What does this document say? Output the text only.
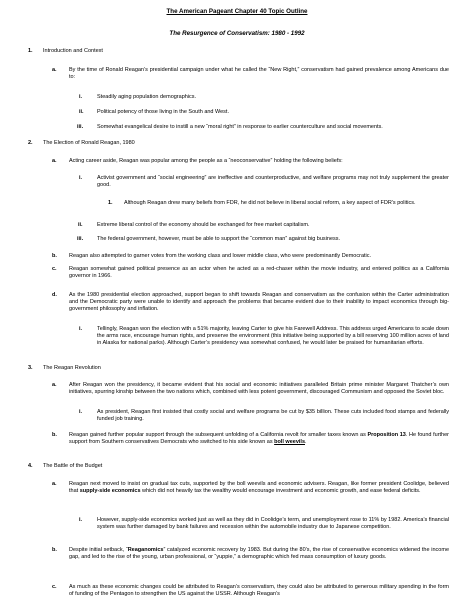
The American Pageant Chapter 40 Topic Outline
The Resurgence of Conservatism: 1980 - 1992
1. Introduction and Context
a. By the time of Ronald Reagan’s presidential campaign under what he called the “New Right,” conservatism had gained prevalence among Americans due to:
i.	Steadily aging population demographics.
ii. Political potency of those living in the South and West.
iii.	Somewhat evangelical desire to instill a new “moral right” in response to earlier counterculture and social movements.
2. The Election of Ronald Reagan, 1980
a. Acting career aside, Reagan was popular among the people as a “neoconservative” holding the following beliefs:
i.	Activist government and “social engineering” are ineffective and counterproductive, and welfare programs may not truly supplement the greater good.
1. Although Reagan drew many beliefs from FDR, he did not believe in liberal social reform, a key aspect of FDR’s politics.
ii.	Extreme liberal control of the economy should be exchanged for free market capitalism.
iii.	The federal government, however, must be able to support the “common man” against big business.
b. Reagan also attempted to garner votes from the working class and lower middle class, who were predominantly Democratic.
c. Reagan somewhat gained political presence as an actor when he acted as a red-chaser within the movie industry, and entered politics as a California governor in 1966.
d. As the 1980 presidential election approached, support began to shift towards Reagan and conservatism as the confusion within the Carter administration and the Democratic party were unable to identify and approach the problems that became evident due to their inability to impact economics through big-government philosophy and inflation.
i.	Tellingly, Reagan won the election with a 51% majority, leaving Carter to give his Farewell Address. This address urged Americans to scale down the arms race, encourage human rights, and preserve the environment (this initiative being supported by a bill reserving 100 million acres of land in Alaska for national parks). Although Carter’s presidency was somewhat confused, he would later be praised for humanitarian efforts.
3. The Reagan Revolution
a. After Reagan won the presidency, it became evident that his social and economic initiatives paralleled Britain prime minister Margaret Thatcher’s own initiatives, spurring kinship between the two nations which, combined with less potent government, discouraged Communism and opposed the Soviet bloc.
i.	As president, Reagan first insisted that costly social and welfare programs be cut by $35 billion. These cuts included food stamps and federally funded job training.
b. Reagan gained further popular support through the subsequent unfolding of a California revolt for smaller taxes known as Proposition 13. He found further support from Southern conservatives Democrats who switched to his side known as boll weevils.
4. The Battle of the Budget
a. Reagan next moved to insist on gradual tax cuts, supported by the boll weevils and economic advisers. Reagan, like former president Coolidge, believed that supply-side economics which did not heavily tax the wealthy would encourage investment and economic growth, and ease federal deficits.
i.	However, supply-side economics worked just as well as they did in Coolidge’s term, and unemployment rose to 11% by 1982. America’s financial system was further damaged by bank failures and recession within the automobile industry due to Japanese competition.
b. Despite initial setback, “Reaganomics” catalyzed economic recovery by 1983. But during the 80’s, the rise of conservative economics widened the income gap, and led to the rise of the young, urban professional, or “yuppie,” a demographic which fed mass consumption of luxury goods.
c. As much as these economic changes could be attributed to Reagan’s conservatism, they could also be attributed to generous military spending in the form of funding of the Pentagon to strengthen the US against the USSR. Although Reagan’s
